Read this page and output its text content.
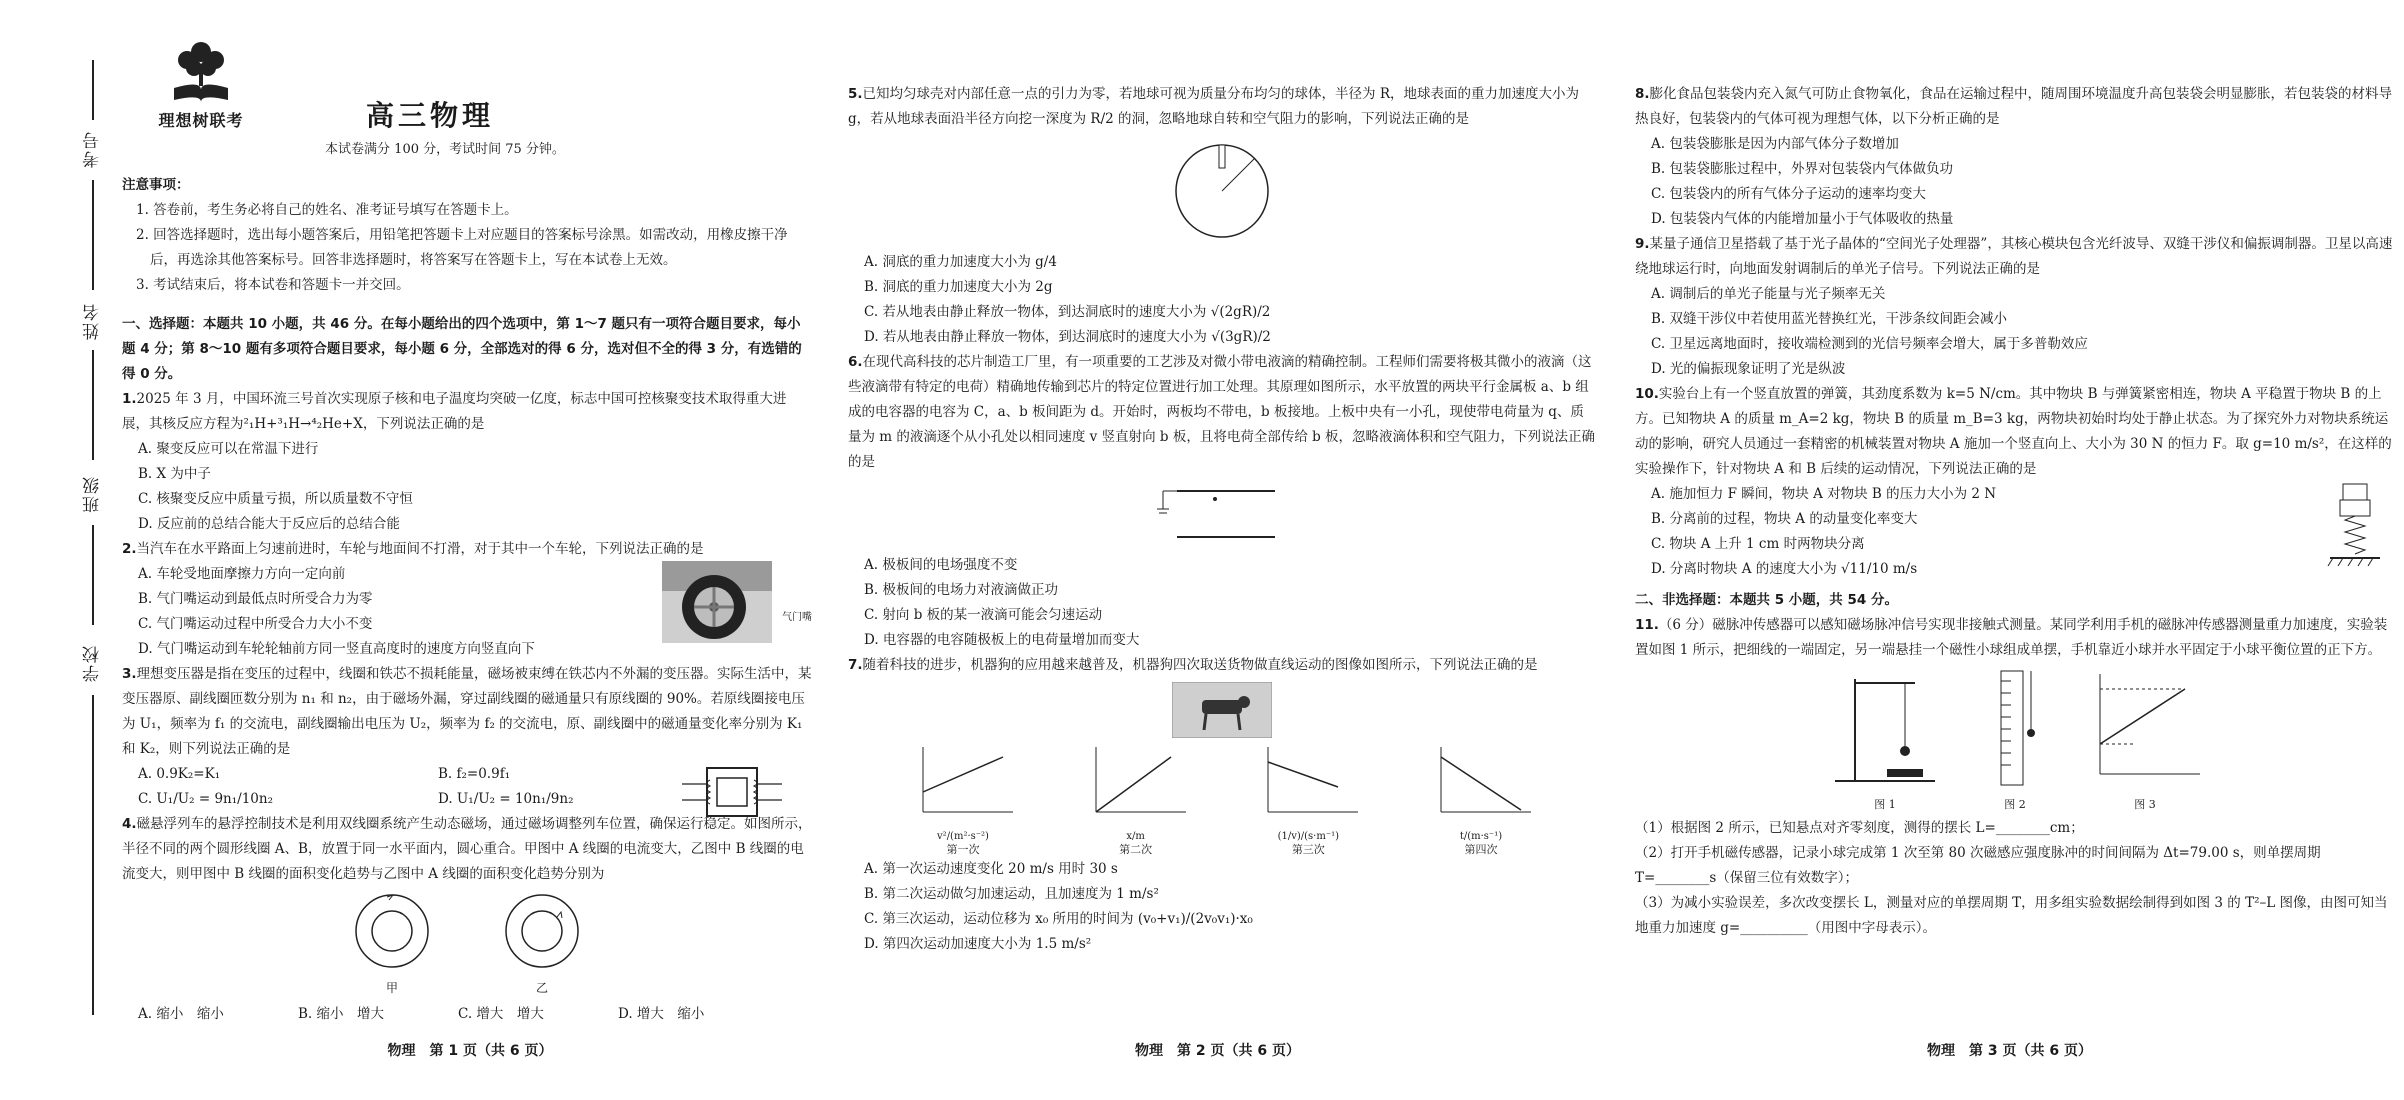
考号
姓名
班级
学校
理想树联考	高三物理
本试卷满分 100 分，考试时间 75 分钟。
注意事项：
1. 答卷前，考生务必将自己的姓名、准考证号填写在答题卡上。
2. 回答选择题时，选出每小题答案后，用铅笔把答题卡上对应题目的答案标号涂黑。如需改动，用橡皮擦干净后，再选涂其他答案标号。回答非选择题时，将答案写在答题卡上，写在本试卷上无效。
3. 考试结束后，将本试卷和答题卡一并交回。
一、选择题：本题共 10 小题，共 46 分。在每小题给出的四个选项中，第 1～7 题只有一项符合题目要求，每小题 4 分；第 8～10 题有多项符合题目要求，每小题 6 分，全部选对的得 6 分，选对但不全的得 3 分，有选错的得 0 分。
1.2025 年 3 月，中国环流三号首次实现原子核和电子温度均突破一亿度，标志中国可控核聚变技术取得重大进展，其核反应方程为²₁H+³₁H→⁴₂He+X，下列说法正确的是
A. 聚变反应可以在常温下进行
B. X 为中子
C. 核聚变反应中质量亏损，所以质量数不守恒
D. 反应前的总结合能大于反应后的总结合能
2.当汽车在水平路面上匀速前进时，车轮与地面间不打滑，对于其中一个车轮，下列说法正确的是
A. 车轮受地面摩擦力方向一定向前
B. 气门嘴运动到最低点时所受合力为零
C. 气门嘴运动过程中所受合力大小不变
D. 气门嘴运动到车轮轮轴前方同一竖直高度时的速度方向竖直向下
气门嘴
3.理想变压器是指在变压的过程中，线圈和铁芯不损耗能量，磁场被束缚在铁芯内不外漏的变压器。实际生活中，某变压器原、副线圈匝数分别为 n₁ 和 n₂，由于磁场外漏，穿过副线圈的磁通量只有原线圈的 90%。若原线圈接电压为 U₁，频率为 f₁ 的交流电，副线圈输出电压为 U₂，频率为 f₂ 的交流电，原、副线圈中的磁通量变化率分别为 K₁ 和 K₂，则下列说法正确的是
A. 0.9K₂=K₁	B. f₂=0.9f₁
C. U₁/U₂ = 9n₁/10n₂	D. U₁/U₂ = 10n₁/9n₂
4.磁悬浮列车的悬浮控制技术是利用双线圈系统产生动态磁场，通过磁场调整列车位置，确保运行稳定。如图所示，半径不同的两个圆形线圈 A、B，放置于同一水平面内，圆心重合。甲图中 A 线圈的电流变大，乙图中 B 线圈的电流变大，则甲图中 B 线圈的面积变化趋势与乙图中 A 线圈的面积变化趋势分别为
甲	乙
A. 缩小　缩小	B. 缩小　增大	C. 增大　增大	D. 增大　缩小
物理　第 1 页（共 6 页）
5.已知均匀球壳对内部任意一点的引力为零，若地球可视为质量分布均匀的球体，半径为 R，地球表面的重力加速度大小为 g，若从地球表面沿半径方向挖一深度为 R/2 的洞，忽略地球自转和空气阻力的影响，下列说法正确的是
A. 洞底的重力加速度大小为 g/4
B. 洞底的重力加速度大小为 2g
C. 若从地表由静止释放一物体，到达洞底时的速度大小为 √(2gR)/2
D. 若从地表由静止释放一物体，到达洞底时的速度大小为 √(3gR)/2
6.在现代高科技的芯片制造工厂里，有一项重要的工艺涉及对微小带电液滴的精确控制。工程师们需要将极其微小的液滴（这些液滴带有特定的电荷）精确地传输到芯片的特定位置进行加工处理。其原理如图所示，水平放置的两块平行金属板 a、b 组成的电容器的电容为 C，a、b 板间距为 d。开始时，两板均不带电，b 板接地。上板中央有一小孔，现使带电荷量为 q、质量为 m 的液滴逐个从小孔处以相同速度 v 竖直射向 b 板，且将电荷全部传给 b 板，忽略液滴体积和空气阻力，下列说法正确的是
A. 极板间的电场强度不变
B. 极板间的电场力对液滴做正功
C. 射向 b 板的某一液滴可能会匀速运动
D. 电容器的电容随极板上的电荷量增加而变大
7.随着科技的进步，机器狗的应用越来越普及，机器狗四次取送货物做直线运动的图像如图所示，下列说法正确的是
v²/(m²·s⁻²)
第一次
x/m
第二次
(1/v)/(s·m⁻¹)
第三次
t/(m·s⁻¹)
第四次
A. 第一次运动速度变化 20 m/s 用时 30 s
B. 第二次运动做匀加速运动，且加速度为 1 m/s²
C. 第三次运动，运动位移为 x₀ 所用的时间为 (v₀+v₁)/(2v₀v₁)·x₀
D. 第四次运动加速度大小为 1.5 m/s²
物理　第 2 页（共 6 页）
8.膨化食品包装袋内充入氮气可防止食物氧化，食品在运输过程中，随周围环境温度升高包装袋会明显膨胀，若包装袋的材料导热良好，包装袋内的气体可视为理想气体，以下分析正确的是
A. 包装袋膨胀是因为内部气体分子数增加
B. 包装袋膨胀过程中，外界对包装袋内气体做负功
C. 包装袋内的所有气体分子运动的速率均变大
D. 包装袋内气体的内能增加量小于气体吸收的热量
9.某量子通信卫星搭载了基于光子晶体的“空间光子处理器”，其核心模块包含光纤波导、双缝干涉仪和偏振调制器。卫星以高速绕地球运行时，向地面发射调制后的单光子信号。下列说法正确的是
A. 调制后的单光子能量与光子频率无关
B. 双缝干涉仪中若使用蓝光替换红光，干涉条纹间距会减小
C. 卫星远离地面时，接收端检测到的光信号频率会增大，属于多普勒效应
D. 光的偏振现象证明了光是纵波
10.实验台上有一个竖直放置的弹簧，其劲度系数为 k=5 N/cm。其中物块 B 与弹簧紧密相连，物块 A 平稳置于物块 B 的上方。已知物块 A 的质量 m_A=2 kg，物块 B 的质量 m_B=3 kg，两物块初始时均处于静止状态。为了探究外力对物块系统运动的影响，研究人员通过一套精密的机械装置对物块 A 施加一个竖直向上、大小为 30 N 的恒力 F。取 g=10 m/s²，在这样的实验操作下，针对物块 A 和 B 后续的运动情况，下列说法正确的是
A. 施加恒力 F 瞬间，物块 A 对物块 B 的压力大小为 2 N
B. 分离前的过程，物块 A 的动量变化率变大
C. 物块 A 上升 1 cm 时两物块分离
D. 分离时物块 A 的速度大小为 √11/10 m/s
二、非选择题：本题共 5 小题，共 54 分。
11.（6 分）磁脉冲传感器可以感知磁场脉冲信号实现非接触式测量。某同学利用手机的磁脉冲传感器测量重力加速度，实验装置如图 1 所示，把细线的一端固定，另一端悬挂一个磁性小球组成单摆，手机靠近小球并水平固定于小球平衡位置的正下方。
图 1	图 2	图 3
（1）根据图 2 所示，已知悬点对齐零刻度，测得的摆长 L=________cm；
（2）打开手机磁传感器，记录小球完成第 1 次至第 80 次磁感应强度脉冲的时间间隔为 Δt=79.00 s，则单摆周期 T=________s（保留三位有效数字）；
（3）为减小实验误差，多次改变摆长 L，测量对应的单摆周期 T，用多组实验数据绘制得到如图 3 的 T²–L 图像，由图可知当地重力加速度 g=__________（用图中字母表示）。
物理　第 3 页（共 6 页）
